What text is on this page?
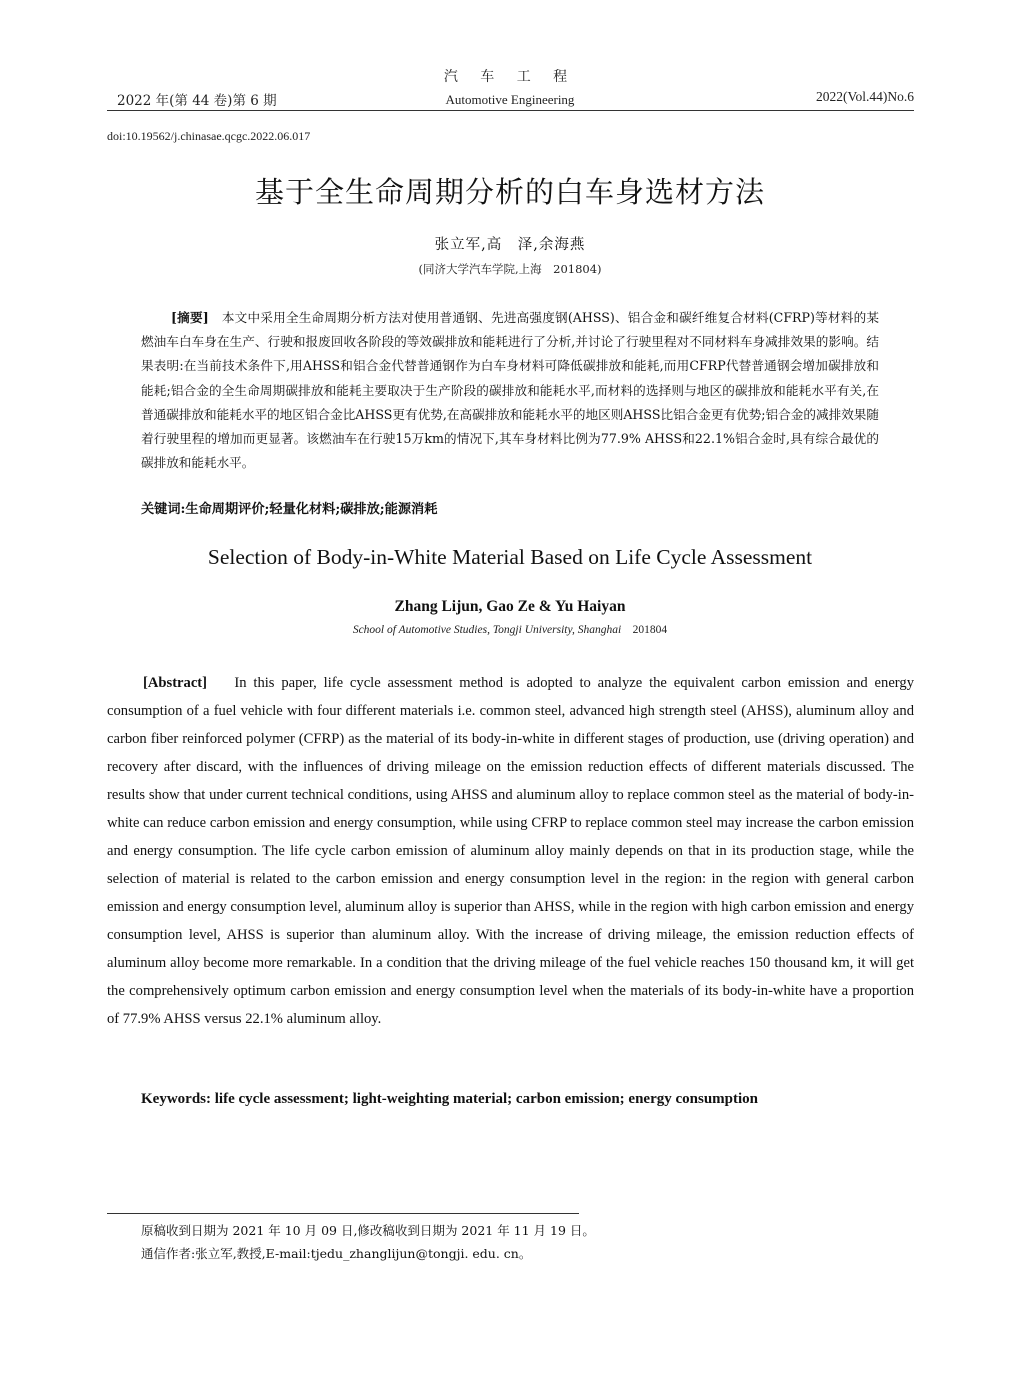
汽 车 工 程
2022 年(第 44 卷)第 6 期	Automotive Engineering	2022(Vol.44)No.6
doi:10.19562/j.chinasae.qcgc.2022.06.017
基于全生命周期分析的白车身选材方法
张立军,高　泽,余海燕
(同济大学汽车学院,上海　201804)
[摘要]　 本文中采用全生命周期分析方法对使用普通钢、先进高强度钢(AHSS)、铝合金和碳纤维复合材料(CFRP)等材料的某燃油车白车身在生产、行驶和报废回收各阶段的等效碳排放和能耗进行了分析,并讨论了行驶里程对不同材料车身减排效果的影响。结果表明:在当前技术条件下,用AHSS和铝合金代替普通钢作为白车身材料可降低碳排放和能耗,而用CFRP代替普通钢会增加碳排放和能耗;铝合金的全生命周期碳排放和能耗主要取决于生产阶段的碳排放和能耗水平,而材料的选择则与地区的碳排放和能耗水平有关,在普通碳排放和能耗水平的地区铝合金比AHSS更有优势,在高碳排放和能耗水平的地区则AHSS比铝合金更有优势;铝合金的减排效果随着行驶里程的增加而更显著。该燃油车在行驶15万km的情况下,其车身材料比例为77.9% AHSS和22.1%铝合金时,具有综合最优的碳排放和能耗水平。
关键词:生命周期评价;轻量化材料;碳排放;能源消耗
Selection of Body-in-White Material Based on Life Cycle Assessment
Zhang Lijun, Gao Ze & Yu Haiyan
School of Automotive Studies, Tongji University, Shanghai 201804
[Abstract] In this paper, life cycle assessment method is adopted to analyze the equivalent carbon emission and energy consumption of a fuel vehicle with four different materials i.e. common steel, advanced high strength steel (AHSS), aluminum alloy and carbon fiber reinforced polymer (CFRP) as the material of its body-in-white in different stages of production, use (driving operation) and recovery after discard, with the influences of driving mileage on the emission reduction effects of different materials discussed. The results show that under current technical conditions, using AHSS and aluminum alloy to replace common steel as the material of body-in-white can reduce carbon emission and energy consumption, while using CFRP to replace common steel may increase the carbon emission and energy consumption. The life cycle carbon emission of aluminum alloy mainly depends on that in its production stage, while the selection of material is related to the carbon emission and energy consumption level in the region: in the region with general carbon emission and energy consumption level, aluminum alloy is superior than AHSS, while in the region with high carbon emission and energy consumption level, AHSS is superior than aluminum alloy. With the increase of driving mileage, the emission reduction effects of aluminum alloy become more remarkable. In a condition that the driving mileage of the fuel vehicle reaches 150 thousand km, it will get the comprehensively optimum carbon emission and energy consumption level when the materials of its body-in-white have a proportion of 77.9% AHSS versus 22.1% aluminum alloy.
Keywords: life cycle assessment; light-weighting material; carbon emission; energy consumption
原稿收到日期为 2021 年 10 月 09 日,修改稿收到日期为 2021 年 11 月 19 日。
通信作者:张立军,教授,E-mail:tjedu_zhanglijun@tongji. edu. cn。
